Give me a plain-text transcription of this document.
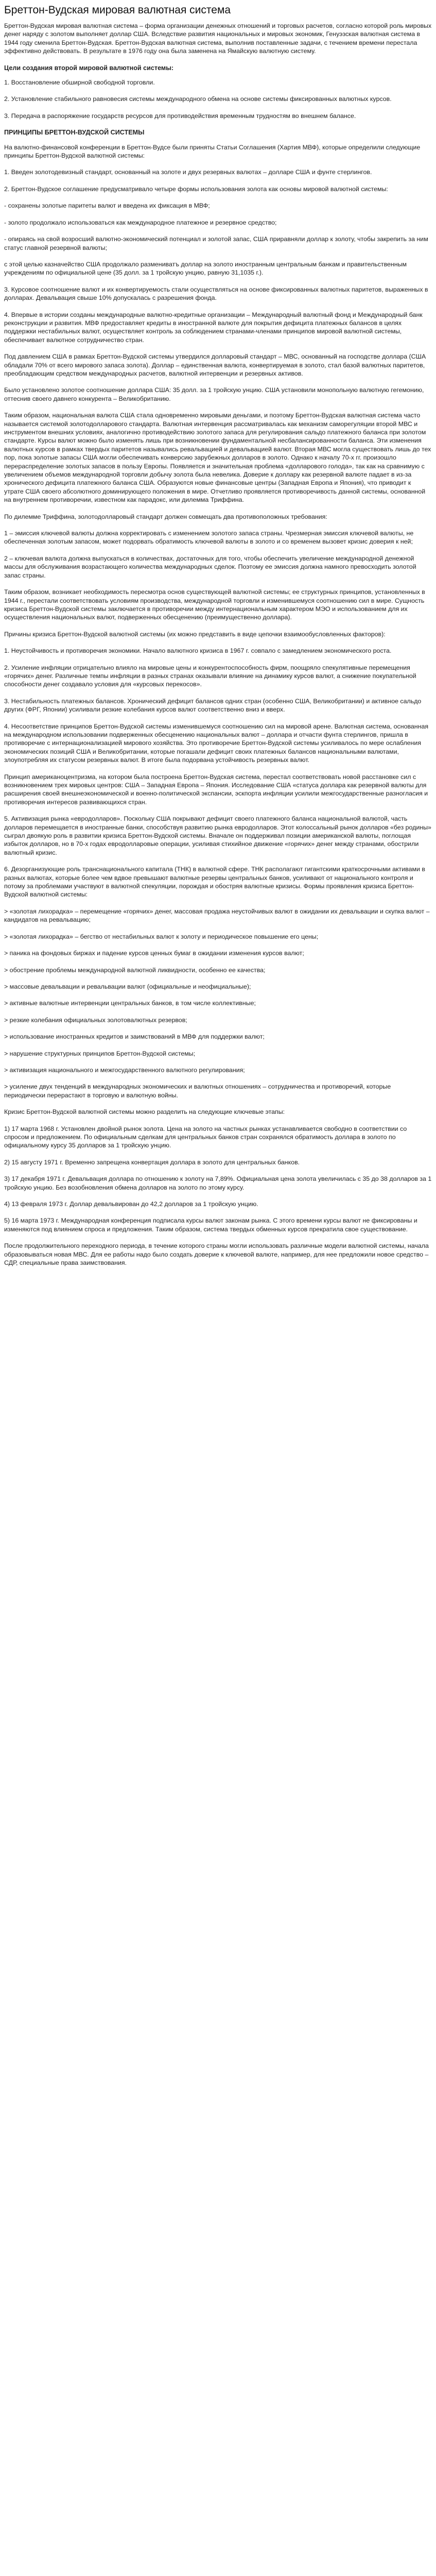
Бреттон-Вудская мировая валютная система

Бреттон-Вудская мировая валютная система – форма организации денежных отношений и торговых расчетов, согласно которой роль мировых денег наряду с золотом выполняет доллар США. Вследствие развития национальных и мировых экономик, Генуэзская валютная система в 1944 году сменила Бреттон-Вудская. Бреттон-Вудская валютная система, выполнив поставленные задачи, с течением времени перестала эффективно действовать. В результате в 1976 году она была заменена на Ямайскую валютную систему.

Цели создания второй мировой валютной системы:

1. Восстановление обширной свободной торговли.

2. Установление стабильного равновесия системы международного обмена на основе системы фиксированных валютных курсов.

3. Передача в распоряжение государств ресурсов для противодействия временным трудностям во внешнем балансе.

ПРИНЦИПЫ БРЕТТОН-ВУДСКОЙ СИСТЕМЫ

На валютно-финансовой конференции в Бреттон-Вудсе были приняты Статьи Соглашения (Хартия МВФ), которые определили следующие принципы Бреттон-Вудской валютной системы:

1. Введен золотодевизный стандарт, основанный на золоте и двух резервных валютах – долларе США и фунте стерлингов.

2. Бреттон-Вудское соглашение предусматривало четыре формы использования золота как основы мировой валютной системы:

- сохранены золотые паритеты валют и введена их фиксация в МВФ;

- золото продолжало использоваться как международное платежное и резервное средство;

- опираясь на свой возросший валютно-экономический потенциал и золотой запас, США приравняли доллар к золоту, чтобы закрепить за ним статус главной резервной валюты;

с этой целью казначейство США продолжало размениватъ доллар на золото иностранным центральным банкам и правительственным учреждениям по официальной цене (35 долл. за 1 тройскую унцию, равную 31,1035 г.).

3. Курсовое соотношение валют и их конвертируемость стали осуществляться на основе фиксированных валютных паритетов, выраженных в долларах. Девальвация свыше 10% допускалась с разрешения фонда.

4. Впервые в истории созданы международные валютно-кредитные организации – Международный валютный фонд и Международный банк реконструкции и развития. МВФ предоставляет кредиты в иностранной валюте для покрытия дефицита платежных балансов в целях поддержки нестабильных валют, осуществляет контроль за соблюдением странами-членами принципов мировой валютной системы, обеспечивает валютное сотрудничество стран.

Под давлением США в рамках Бреттон-Вудской системы утвердился долларовый стандарт – МВС, основанный на господстве доллара (США обладали 70% от всего мирового запаса золота). Доллар – единственная валюта, конвертируемая в золото, стал базой валютных паритетов, преобладающим средством международных расчетов, валютной интервенции и резервных активов.

Было установлено золотое соотношение доллара США: 35 долл. за 1 тройскую унцию. США установили монопольную валютную гегемонию, оттеснив своего давнего конкурента – Великобританию.

Таким образом, национальная валюта США стала одновременно мировыми деньгами, и поэтому Бреттон-Вудская валютная система часто называется системой золотодолларового стандарта. Валютная интервенция рассматривалась как механизм саморегуляции второй МВС и инструментом внешних условиях, аналогично противодействию золотого запаса для регулирования сальдо платежного баланса при золотом стандарте. Курсы валют можно было изменять лишь при возникновении фундаментальной несбалансированности баланса. Эти изменения валютных курсов в рамках твердых паритетов назывались ревальвацией и девальвацией валют. Вторая МВС могла существовать лишь до тех пор, пока золотые запасы США могли обеспечивать конверсию зарубежных долларов в золото. Однако к началу 70-х гг. произошло перераспределение золотых запасов в пользу Европы. Появляется и значительная проблема «долларового голода», так как на сравнимую с увеличением объемов международной торговли добычу золота была невелика. Доверие к доллару как резервной валюте падает в из-за хронического дефицита платежного баланса США. Образуются новые финансовые центры (Западная Европа и Япония), что приводит к утрате США своего абсолютного доминирующего положения в мире. Отчетливо проявляется противоречивость данной системы, основанной на внутреннем противоречии, известном как парадокс, или дилемма Триффина.

По дилемме Триффина, золотодолларовый стандарт должен совмещать два противоположных требования:

1 – эмиссия ключевой валюты должна корректировать с изменением золотого запаса страны. Чрезмерная эмиссия ключевой валюты, не обеспеченная золотым запасом, может подорвать обратимость ключевой валюты в золото и со временем вызовет кризис доверия к ней;

2 – ключевая валюта должна выпускаться в количествах, достаточных для того, чтобы обеспечить увеличение международной денежной массы для обслуживания возрастающего количества международных сделок. Поэтому ее эмиссия должна намного превосходить золотой запас страны.

Таким образом, возникает необходимость пересмотра основ существующей валютной системы; ее структурных принципов, установленных в 1944 г., перестали соответствовать условиям производства, международной торговли и изменившемуся соотношению сил в мире. Сущность кризиса Бреттон-Вудской системы заключается в противоречии между интернациональным характером МЭО и использованием для их осуществления национальных валют, подверженных обесценению (преимущественно доллара).

Причины кризиса Бреттон-Вудской валютной системы (их можно представить в виде цепочки взаимообусловленных факторов):

1. Неустойчивость и противоречия экономики. Начало валютного кризиса в 1967 г. совпало с замедлением экономического роста.

2. Усиление инфляции отрицательно влияло на мировые цены и конкурентоспособность фирм, поощряло спекулятивные перемещения «горячих» денег. Различные темпы инфляции в разных странах оказывали влияние на динамику курсов валют, а снижение покупательной способности денег создавало условия для «курсовых перекосов».

3. Нестабильность платежных балансов. Хронический дефицит балансов одних стран (особенно США, Великобритании) и активное сальдо других (ФРГ, Японии) усиливали резкие колебания курсов валют соответственно вниз и вверх.

4. Несоответствие принципов Бреттон-Вудской системы изменившемуся соотношению сил на мировой арене. Валютная система, основанная на международном использовании подверженных обесценению национальных валют – доллара и отчасти фунта стерлингов, пришла в противоречие с интернационализацией мирового хозяйства. Это противоречие Бреттон-Вудской системы усиливалось по мере ослабления экономических позиций США и Великобритании, которые погашали дефицит своих платежных балансов национальными валютами, злоупотребляя их статусом резервных валют. В итоге была подорвана устойчивость резервных валют.

Принцип американоцентризма, на котором была построена Бреттон-Вудская система, перестал соответствовать новой расстановке сил с возникновением трех мировых центров: США – Западная Европа – Япония. Исследование США «статуса доллара как резервной валюты для расширения своей внешнеэкономической и военно-политической экспансии, эскпорта инфляции усилили межгосударственные разногласия и противоречия интересов развивающихся стран.

5. Активизация рынка «евродолларов». Поскольку США покрывают дефицит своего платежного баланса национальной валютой, часть долларов перемещается в иностранные банки, способствуя развитию рынка евродолларов. Этот колоссальный рынок долларов «без родины» сыграл двоякую роль в развитии кризиса Бреттон-Вудской системы. Вначале он поддерживал позиции американской валюты, поглощая избыток долларов, но в 70-х годах евродолларовые операции, усиливая стихийное движение «горячих» денег между странами, обострили валютный кризис.

6. Дезорганизующие роль транснационального капитала (ТНК) в валютной сфере. ТНК располагают гигантскими краткосрочными активами в разных валютах, которые более чем вдвое превышают валютные резервы центральных банков, усиливают от национального контроля и потому за проблемами участвуют в валютной спекуляции, порождая и обостряя валютные кризисы. Формы проявления кризиса Бреттон-Вудской валютной системы:

> «золотая лихорадка» – перемещение «горячих» денег, массовая продажа неустойчивых валют в ожидании их девальвации и скупка валют – кандидатов на ревальвацию;

> «золотая лихорадка» – бегство от нестабильных валют к золоту и периодическое повышение его цены;

> паника на фондовых биржах и падение курсов ценных бумаг в ожидании изменения курсов валют;

> обострение проблемы международной валютной ликвидности, особенно ее качества;

> массовые девальвации и ревальвации валют (официальные и неофициальные);

> активные валютные интервенции центральных банков, в том числе коллективные;

> резкие колебания официальных золотовалютных резервов;

> использование иностранных кредитов и заимствований в МВФ для поддержки валют;

> нарушение структурных принципов Бреттон-Вудской системы;

> активизация национального и межгосударственного валютного регулирования;

> усиление двух тенденций в международных экономических и валютных отношениях – сотрудничества и противоречий, которые периодически перерастают в торговую и валютную войны.

Кризис Бреттон-Вудской валютной системы можно разделить на следующие ключевые этапы:

1) 17 марта 1968 г. Установлен двойной рынок золота. Цена на золото на частных рынках устанавливается свободно в соответствии со спросом и предложением. По официальным сделкам для центральных банков стран сохранялся обратимость доллара в золото по официальному курсу 35 долларов за 1 тройскую унцию.

2) 15 августу 1971 г. Временно запрещена конвертация доллара в золото для центральных банков.

3) 17 декабря 1971 г. Девальвация доллара по отношению к золоту на 7,89%. Официальная цена золота увеличилась с 35 до 38 долларов за 1 тройскую унцию. Без возобновления обмена долларов на золото по этому курсу.

4) 13 февраля 1973 г. Доллар девальвирован до 42,2 долларов за 1 тройскую унцию.

5) 16 марта 1973 г. Международная конференция подписала курсы валют законам рынка. С этого времени курсы валют не фиксированы и изменяются под влиянием спроса и предложения. Таким образом, система твердых обменных курсов прекратила свое существование.

После продолжительного переходного периода, в течение которого страны могли использовать различные модели валютной системы, начала образовываться новая МВС. Для ее работы надо было создать доверие к ключевой валюте, например, для нее предложили новое средство – СДР, специальные права заимствования.
